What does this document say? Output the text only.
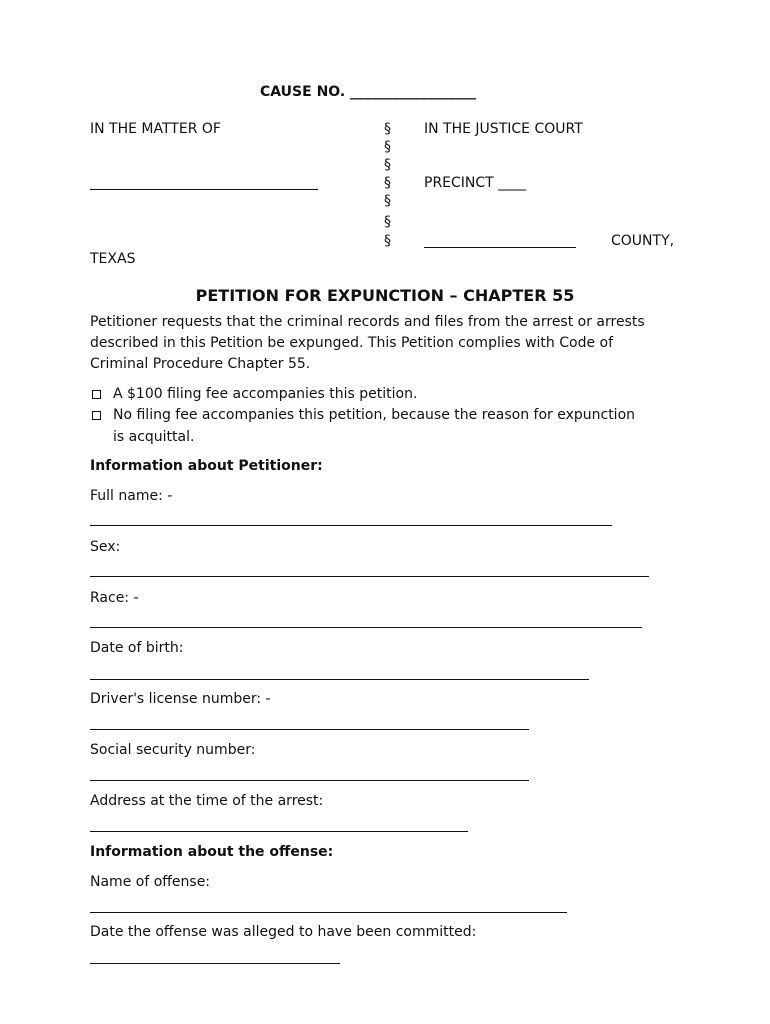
CAUSE NO. __________________
IN THE MATTER OF
TEXAS
§
§
§
§
§
§
§
IN THE JUSTICE COURT
PRECINCT ____
COUNTY,
PETITION FOR EXPUNCTION – CHAPTER 55
Petitioner requests that the criminal records and files from the arrest or arrests described in this Petition be expunged. This Petition complies with Code of Criminal Procedure Chapter 55.
A $100 filing fee accompanies this petition.
No filing fee accompanies this petition, because the reason for expunction
is acquittal.
Information about Petitioner:
Full name: -
Sex:
Race: -
Date of birth:
Driver's license number: -
Social security number:
Address at the time of the arrest:
Information about the offense:
Name of offense:
Date the offense was alleged to have been committed:
